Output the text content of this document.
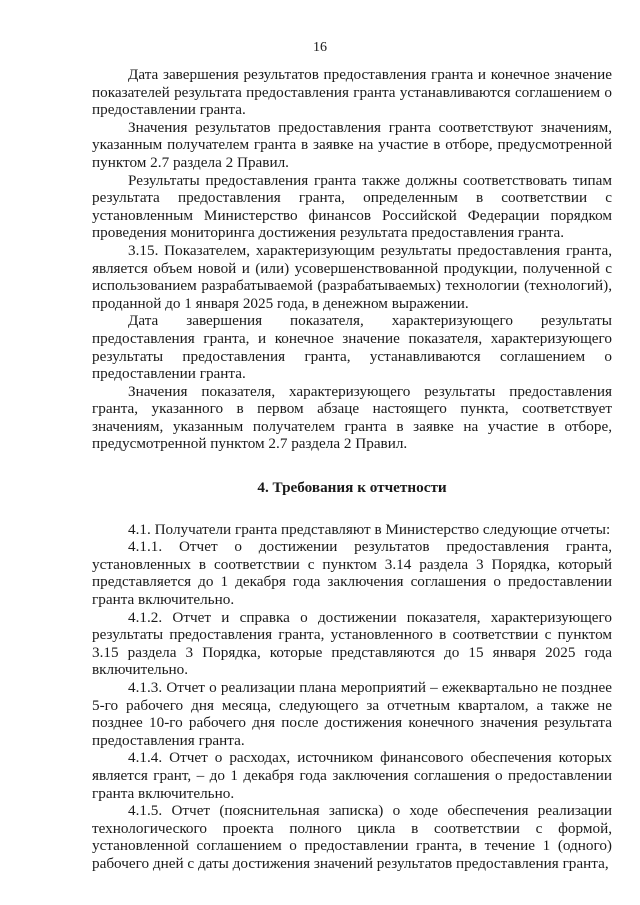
16

Дата завершения результатов предоставления гранта и конечное значение показателей результата предоставления гранта устанавливаются соглашением о предоставлении гранта.

Значения результатов предоставления гранта соответствуют значениям, указанным получателем гранта в заявке на участие в отборе, предусмотренной пунктом 2.7 раздела 2 Правил.

Результаты предоставления гранта также должны соответствовать типам результата предоставления гранта, определенным в соответствии с установленным Министерство финансов Российской Федерации порядком проведения мониторинга достижения результата предоставления гранта.

3.15. Показателем, характеризующим результаты предоставления гранта, является объем новой и (или) усовершенствованной продукции, полученной с использованием разрабатываемой (разрабатываемых) технологии (технологий), проданной до 1 января 2025 года, в денежном выражении.

Дата завершения показателя, характеризующего результаты предоставления гранта, и конечное значение показателя, характеризующего результаты предоставления гранта, устанавливаются соглашением о предоставлении гранта.

Значения показателя, характеризующего результаты предоставления гранта, указанного в первом абзаце настоящего пункта, соответствует значениям, указанным получателем гранта в заявке на участие в отборе, предусмотренной пунктом 2.7 раздела 2 Правил.

4. Требования к отчетности

4.1. Получатели гранта представляют в Министерство следующие отчеты:

4.1.1. Отчет о достижении результатов предоставления гранта, установленных в соответствии с пунктом 3.14 раздела 3 Порядка, который представляется до 1 декабря года заключения соглашения о предоставлении гранта включительно.

4.1.2. Отчет и справка о достижении показателя, характеризующего результаты предоставления гранта, установленного в соответствии с пунктом 3.15 раздела 3 Порядка, которые представляются до 15 января 2025 года включительно.

4.1.3. Отчет о реализации плана мероприятий – ежеквартально не позднее 5-го рабочего дня месяца, следующего за отчетным кварталом, а также не позднее 10-го рабочего дня после достижения конечного значения результата предоставления гранта.

4.1.4. Отчет о расходах, источником финансового обеспечения которых является грант, – до 1 декабря года заключения соглашения о предоставлении гранта включительно.

4.1.5. Отчет (пояснительная записка) о ходе обеспечения реализации технологического проекта полного цикла в соответствии с формой, установленной соглашением о предоставлении гранта, в течение 1 (одного) рабочего дней с даты достижения значений результатов предоставления гранта,
